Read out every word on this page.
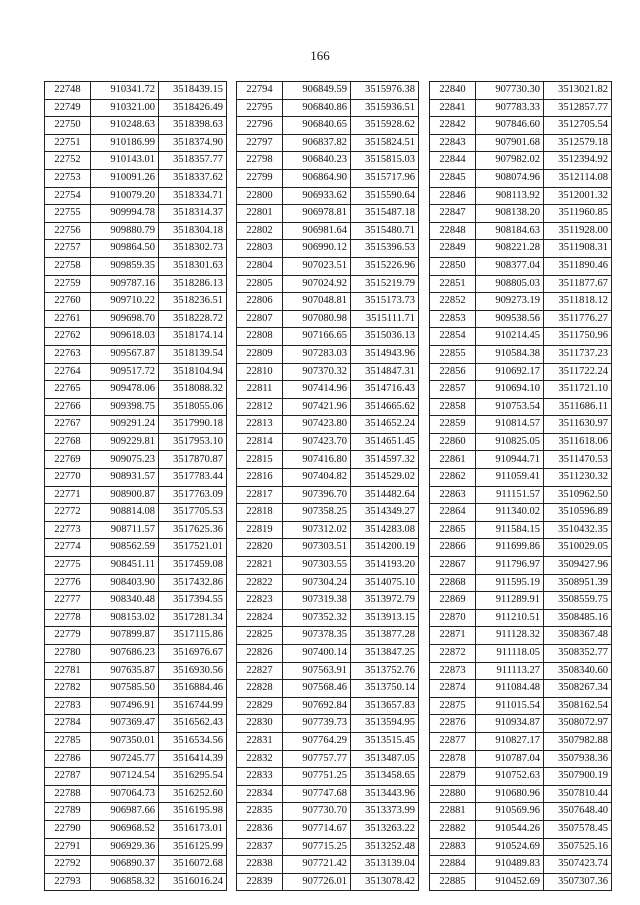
166
22748	910341.72	3518439.15
22749	910321.00	3518426.49
22750	910248.63	3518398.63
22751	910186.99	3518374.90
22752	910143.01	3518357.77
22753	910091.26	3518337.62
22754	910079.20	3518334.71
22755	909994.78	3518314.37
22756	909880.79	3518304.18
22757	909864.50	3518302.73
22758	909859.35	3518301.63
22759	909787.16	3518286.13
22760	909710.22	3518236.51
22761	909698.70	3518228.72
22762	909618.03	3518174.14
22763	909567.87	3518139.54
22764	909517.72	3518104.94
22765	909478.06	3518088.32
22766	909398.75	3518055.06
22767	909291.24	3517990.18
22768	909229.81	3517953.10
22769	909075.23	3517870.87
22770	908931.57	3517783.44
22771	908900.87	3517763.09
22772	908814.08	3517705.53
22773	908711.57	3517625.36
22774	908562.59	3517521.01
22775	908451.11	3517459.08
22776	908403.90	3517432.86
22777	908340.48	3517394.55
22778	908153.02	3517281.34
22779	907899.87	3517115.86
22780	907686.23	3516976.67
22781	907635.87	3516930.56
22782	907585.50	3516884.46
22783	907496.91	3516744.99
22784	907369.47	3516562.43
22785	907350.01	3516534.56
22786	907245.77	3516414.39
22787	907124.54	3516295.54
22788	907064.73	3516252.60
22789	906987.66	3516195.98
22790	906968.52	3516173.01
22791	906929.36	3516125.99
22792	906890.37	3516072.68
22793	906858.32	3516016.24
22794	906849.59	3515976.38
22795	906840.86	3515936.51
22796	906840.65	3515928.62
22797	906837.82	3515824.51
22798	906840.23	3515815.03
22799	906864.90	3515717.96
22800	906933.62	3515590.64
22801	906978.81	3515487.18
22802	906981.64	3515480.71
22803	906990.12	3515396.53
22804	907023.51	3515226.96
22805	907024.92	3515219.79
22806	907048.81	3515173.73
22807	907080.98	3515111.71
22808	907166.65	3515036.13
22809	907283.03	3514943.96
22810	907370.32	3514847.31
22811	907414.96	3514716.43
22812	907421.96	3514665.62
22813	907423.80	3514652.24
22814	907423.70	3514651.45
22815	907416.80	3514597.32
22816	907404.82	3514529.02
22817	907396.70	3514482.64
22818	907358.25	3514349.27
22819	907312.02	3514283.08
22820	907303.51	3514200.19
22821	907303.55	3514193.20
22822	907304.24	3514075.10
22823	907319.38	3513972.79
22824	907352.32	3513913.15
22825	907378.35	3513877.28
22826	907400.14	3513847.25
22827	907563.91	3513752.76
22828	907568.46	3513750.14
22829	907692.84	3513657.83
22830	907739.73	3513594.95
22831	907764.29	3513515.45
22832	907757.77	3513487.05
22833	907751.25	3513458.65
22834	907747.68	3513443.96
22835	907730.70	3513373.99
22836	907714.67	3513263.22
22837	907715.25	3513252.48
22838	907721.42	3513139.04
22839	907726.01	3513078.42
22840	907730.30	3513021.82
22841	907783.33	3512857.77
22842	907846.60	3512705.54
22843	907901.68	3512579.18
22844	907982.02	3512394.92
22845	908074.96	3512114.08
22846	908113.92	3512001.32
22847	908138.20	3511960.85
22848	908184.63	3511928.00
22849	908221.28	3511908.31
22850	908377.04	3511890.46
22851	908805.03	3511877.67
22852	909273.19	3511818.12
22853	909538.56	3511776.27
22854	910214.45	3511750.96
22855	910584.38	3511737.23
22856	910692.17	3511722.24
22857	910694.10	3511721.10
22858	910753.54	3511686.11
22859	910814.57	3511630.97
22860	910825.05	3511618.06
22861	910944.71	3511470.53
22862	911059.41	3511230.32
22863	911151.57	3510962.50
22864	911340.02	3510596.89
22865	911584.15	3510432.35
22866	911699.86	3510029.05
22867	911796.97	3509427.96
22868	911595.19	3508951.39
22869	911289.91	3508559.75
22870	911210.51	3508485.16
22871	911128.32	3508367.48
22872	911118.05	3508352.77
22873	911113.27	3508340.60
22874	911084.48	3508267.34
22875	911015.54	3508162.54
22876	910934.87	3508072.97
22877	910827.17	3507982.88
22878	910787.04	3507938.36
22879	910752.63	3507900.19
22880	910680.96	3507810.44
22881	910569.96	3507648.40
22882	910544.26	3507578.45
22883	910524.69	3507525.16
22884	910489.83	3507423.74
22885	910452.69	3507307.36
